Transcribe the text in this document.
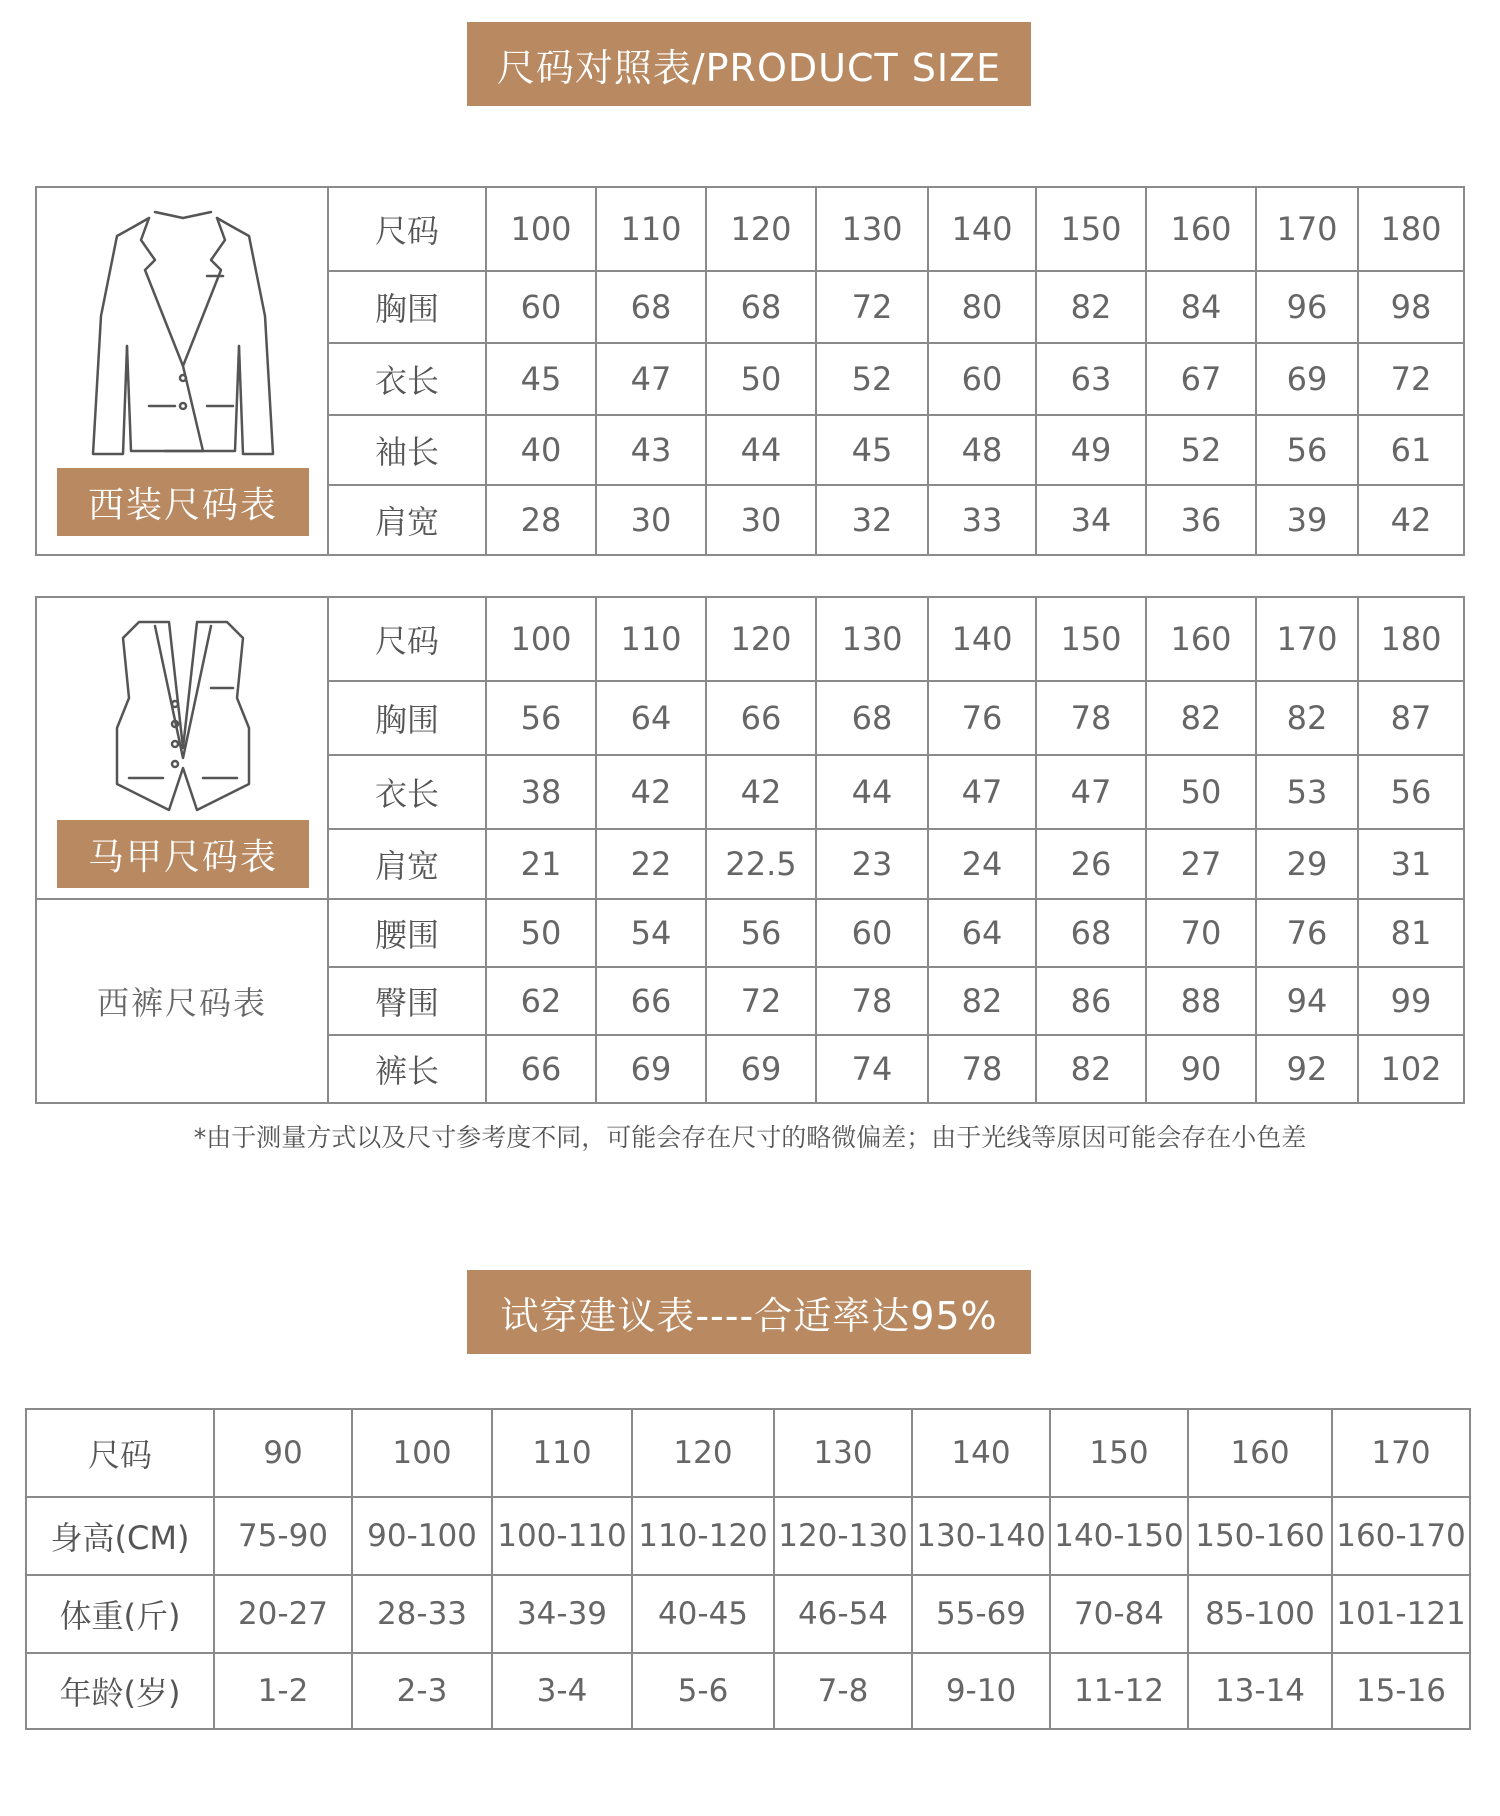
尺码对照表/PRODUCT SIZE
西装尺码表	尺码	100	110	120	130	140	150	160	170	180
	胸围	60	68	68	72	80	82	84	96	98
	衣长	45	47	50	52	60	63	67	69	72
	袖长	40	43	44	45	48	49	52	56	61
	肩宽	28	30	30	32	33	34	36	39	42
马甲尺码表	尺码	100	110	120	130	140	150	160	170	180
	胸围	56	64	66	68	76	78	82	82	87
	衣长	38	42	42	44	47	47	50	53	56
	肩宽	21	22	22.5	23	24	26	27	29	31
西裤尺码表	腰围	50	54	56	60	64	68	70	76	81
	臀围	62	66	72	78	82	86	88	94	99
	裤长	66	69	69	74	78	82	90	92	102
*由于测量方式以及尺寸参考度不同，可能会存在尺寸的略微偏差；由于光线等原因可能会存在小色差
试穿建议表----合适率达95%
尺码	90	100	110	120	130	140	150	160	170
身高(CM)	75-90	90-100	100-110	110-120	120-130	130-140	140-150	150-160	160-170
体重(斤)	20-27	28-33	34-39	40-45	46-54	55-69	70-84	85-100	101-121
年龄(岁)	1-2	2-3	3-4	5-6	7-8	9-10	11-12	13-14	15-16
